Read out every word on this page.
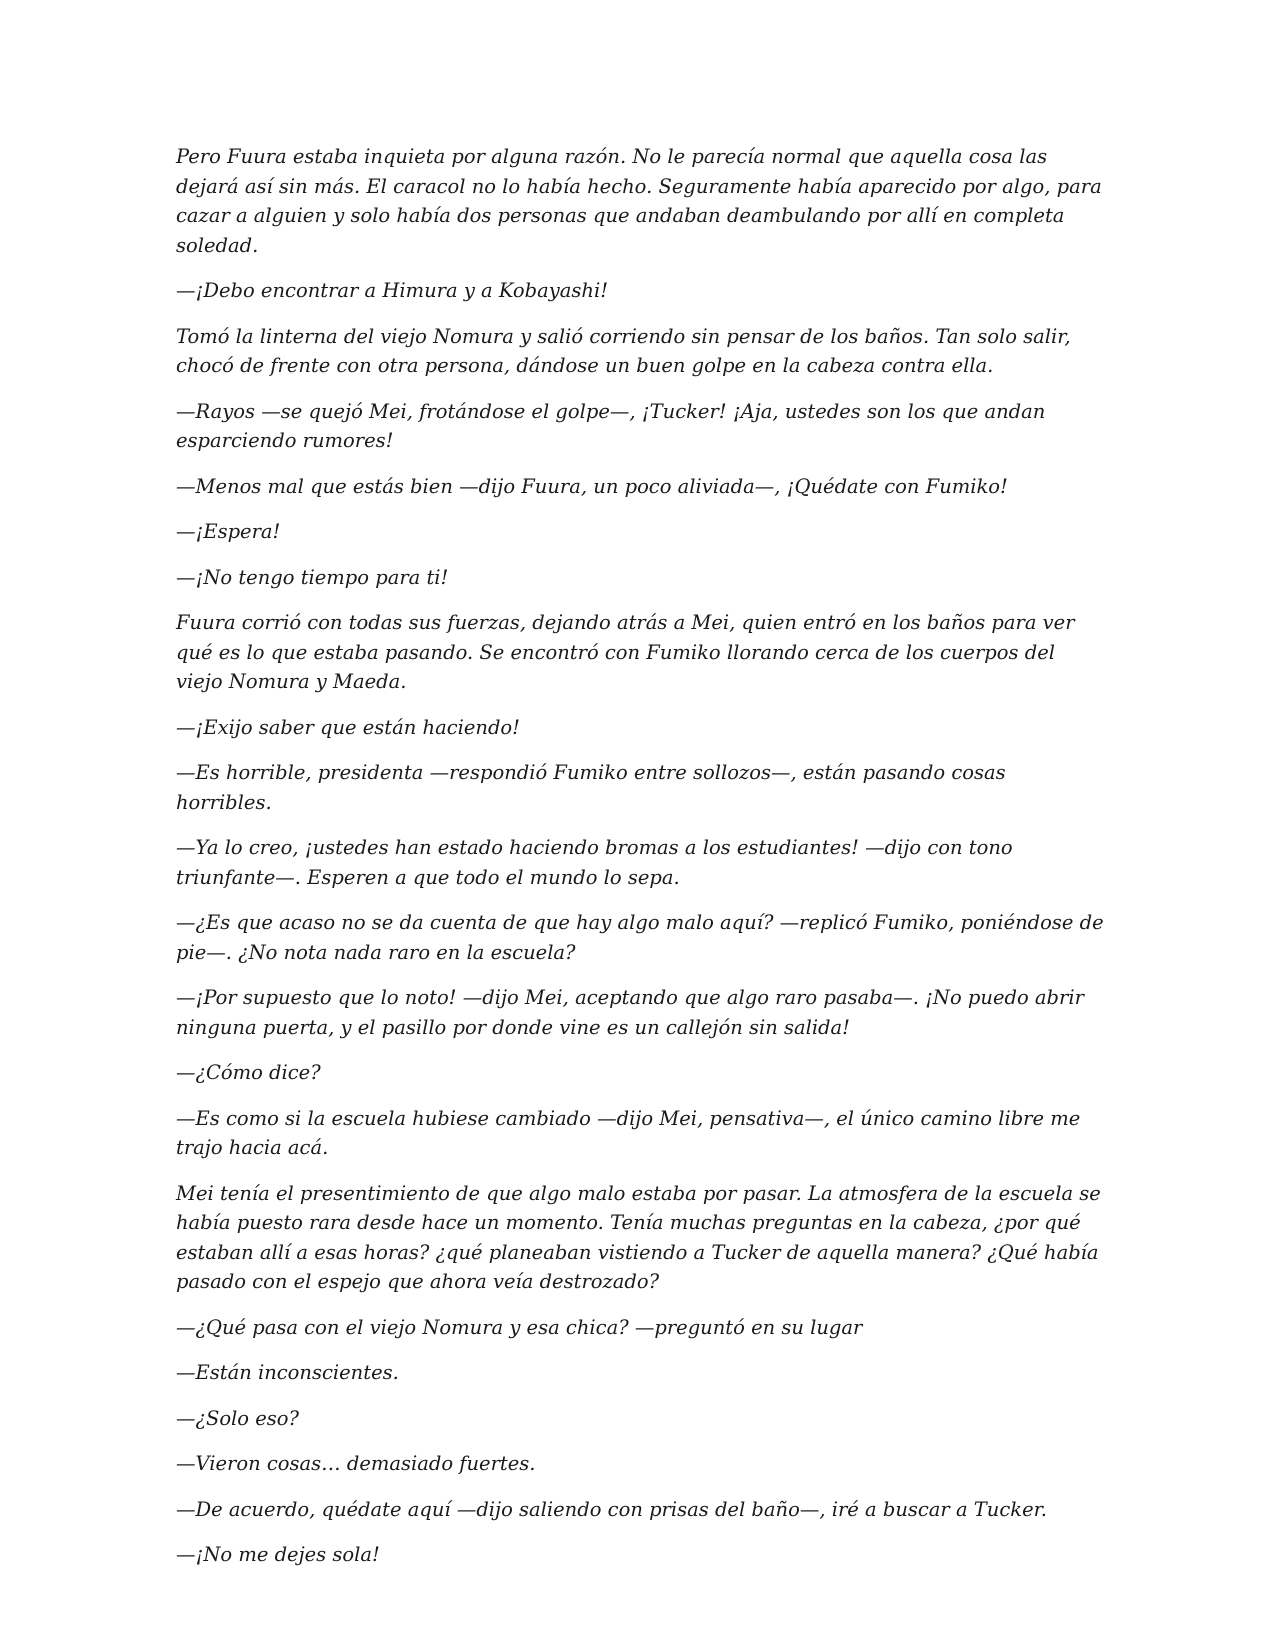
Pero Fuura estaba inquieta por alguna razón. No le parecía normal que aquella cosa las dejará así sin más. El caracol no lo había hecho. Seguramente había aparecido por algo, para cazar a alguien y solo había dos personas que andaban deambulando por allí en completa soledad.

—¡Debo encontrar a Himura y a Kobayashi!

Tomó la linterna del viejo Nomura y salió corriendo sin pensar de los baños. Tan solo salir, chocó de frente con otra persona, dándose un buen golpe en la cabeza contra ella.

—Rayos —se quejó Mei, frotándose el golpe—, ¡Tucker! ¡Aja, ustedes son los que andan esparciendo rumores!

—Menos mal que estás bien —dijo Fuura, un poco aliviada—, ¡Quédate con Fumiko!

—¡Espera!

—¡No tengo tiempo para ti!

Fuura corrió con todas sus fuerzas, dejando atrás a Mei, quien entró en los baños para ver qué es lo que estaba pasando. Se encontró con Fumiko llorando cerca de los cuerpos del viejo Nomura y Maeda.

—¡Exijo saber que están haciendo!

—Es horrible, presidenta —respondió Fumiko entre sollozos—, están pasando cosas horribles.

—Ya lo creo, ¡ustedes han estado haciendo bromas a los estudiantes! —dijo con tono triunfante—. Esperen a que todo el mundo lo sepa.

—¿Es que acaso no se da cuenta de que hay algo malo aquí? —replicó Fumiko, poniéndose de pie—. ¿No nota nada raro en la escuela?

—¡Por supuesto que lo noto! —dijo Mei, aceptando que algo raro pasaba—. ¡No puedo abrir ninguna puerta, y el pasillo por donde vine es un callejón sin salida!

—¿Cómo dice?

—Es como si la escuela hubiese cambiado —dijo Mei, pensativa—, el único camino libre me trajo hacia acá.

Mei tenía el presentimiento de que algo malo estaba por pasar. La atmosfera de la escuela se había puesto rara desde hace un momento. Tenía muchas preguntas en la cabeza, ¿por qué estaban allí a esas horas? ¿qué planeaban vistiendo a Tucker de aquella manera? ¿Qué había pasado con el espejo que ahora veía destrozado?

—¿Qué pasa con el viejo Nomura y esa chica? —preguntó en su lugar

—Están inconscientes.

—¿Solo eso?

—Vieron cosas… demasiado fuertes.

—De acuerdo, quédate aquí —dijo saliendo con prisas del baño—, iré a buscar a Tucker.

—¡No me dejes sola!
